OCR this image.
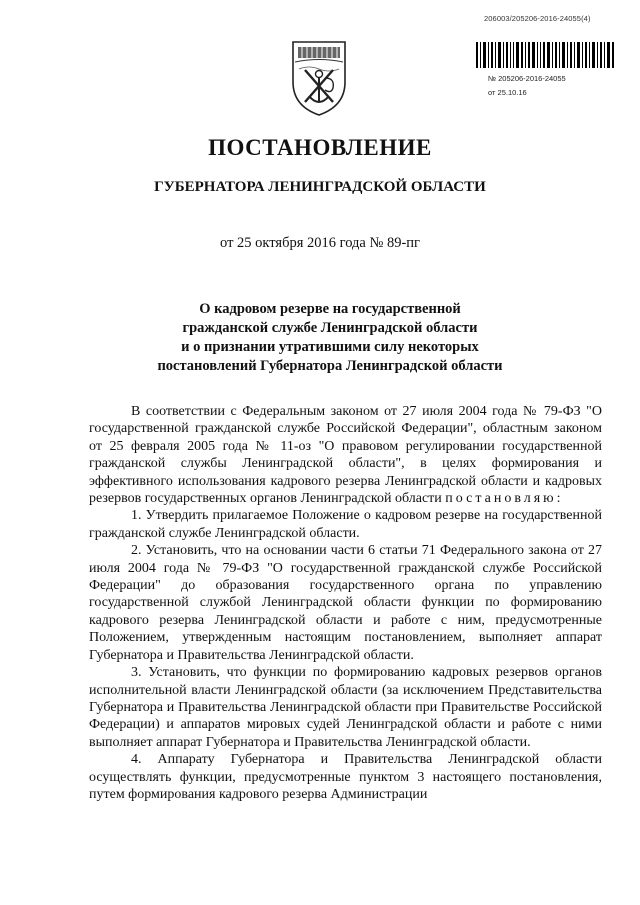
206003/205206-2016-24055(4)
№ 205206-2016-24055
от 25.10.16
ПОСТАНОВЛЕНИЕ
ГУБЕРНАТОРА ЛЕНИНГРАДСКОЙ ОБЛАСТИ
от 25 октября 2016 года № 89-пг
О кадровом резерве на государственной
гражданской службе Ленинградской области
и о признании утратившими силу некоторых
постановлений Губернатора Ленинградской области

В соответствии с Федеральным законом от 27 июля 2004 года № 79-ФЗ "О государственной гражданской службе Российской Федерации", областным законом от 25 февраля 2005 года № 11-оз "О правовом регулировании государственной гражданской службы Ленинградской области", в целях формирования и эффективного использования кадрового резерва Ленинградской области и кадровых резервов государственных органов Ленинградской области постановляю:

1. Утвердить прилагаемое Положение о кадровом резерве на государственной гражданской службе Ленинградской области.

2. Установить, что на основании части 6 статьи 71 Федерального закона от 27 июля 2004 года № 79-ФЗ "О государственной гражданской службе Российской Федерации" до образования государственного органа по управлению государственной службой Ленинградской области функции по формированию кадрового резерва Ленинградской области и работе с ним, предусмотренные Положением, утвержденным настоящим постановлением, выполняет аппарат Губернатора и Правительства Ленинградской области.

3. Установить, что функции по формированию кадровых резервов органов исполнительной власти Ленинградской области (за исключением Представительства Губернатора и Правительства Ленинградской области при Правительстве Российской Федерации) и аппаратов мировых судей Ленинградской области и работе с ними выполняет аппарат Губернатора и Правительства Ленинградской области.

4. Аппарату Губернатора и Правительства Ленинградской области осуществлять функции, предусмотренные пунктом 3 настоящего постановления, путем формирования кадрового резерва Администрации
